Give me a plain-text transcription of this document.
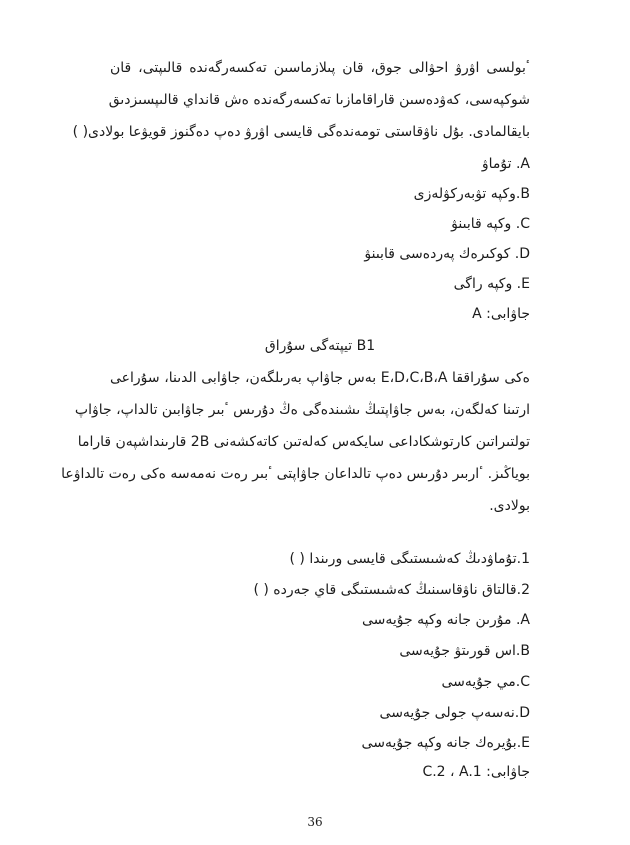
ٴبولسى اۋرۋ احۋالى جوق، قان پىلازماسىن تەكسەرگەندە قالىپتى، قان
شوكپەسى، كەۋدەسىن قاراقامازىا تەكسەرگەندە ەش قانداي قالىپسىزدىق
بايقالمادى. بۇل ناۋقاستى تومەندەگى قايسى اۋرۋ دەپ دەگنوز قويۋعا بولادى( )
A. تۇماۋ
B.وكپە تۋبەركۋلەزى
C. وكپە قابىنۋ
D. كوكىرەك پەردەسى قابىنۋ
E. وكپە راگى
جاۋابى: A
B1 تيپتەگى سۇراق
ەكى سۇراققا E،D،C،B،A بەس جاۋاپ بەرىلگەن، جاۋابى الدىنا، سۇراعى
ارتىنا كەلگەن، بەس جاۋاپتىڭ ىشىندەگى ەڭ دۇرىس ٴبىر جاۋابىن تالداپ، جاۋاپ
تولتىراتىن كارتوشكاداعى سايكەس كەلەتىن كاتەكشەنى 2B قارىنداشپەن قاراما
بوياڭىز. ٴاربىر دۇرىس دەپ تالداعان جاۋاپتى ٴبىر رەت نەمەسە ەكى رەت تالداۋعا
بولادى.
1.تۇماۋدىڭ كەشىستىگى قايسى ورىندا ( )
2.قالتاق ناۋقاسىنىڭ كەشىستىگى قاي جەردە ( )
A. مۇرىن جانە وكپە جۇيەسى
B.اس قورىتۋ جۇيەسى
C.مي جۇيەسى
D.نەسەپ جولى جۇيەسى
E.بۇيرەك جانە وكپە جۇيەسى
جاۋابى: C.2 ، A.1
36
